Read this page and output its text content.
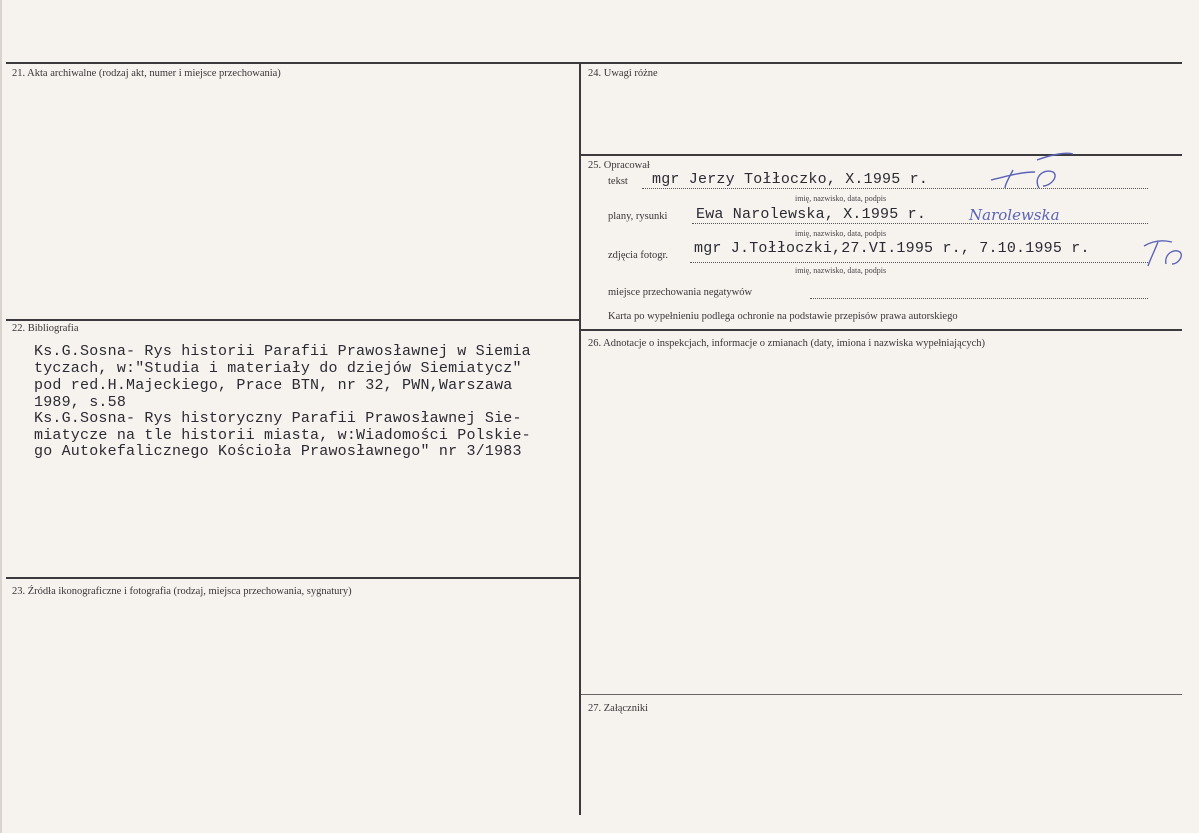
21. Akta archiwalne (rodzaj akt, numer i miejsce przechowania)
22. Bibliografia
Ks.G.Sosna- Rys historii Parafii Prawosławnej w Siemia
tyczach, w:"Studia i materiały do dziejów Siemiatycz"
pod red.H.Majeckiego, Prace BTN, nr 32, PWN,Warszawa
1989, s.58
Ks.G.Sosna- Rys historyczny Parafii Prawosławnej Sie-
miatycze na tle historii miasta, w:Wiadomości Polskie-
go Autokefalicznego Kościoła Prawosławnego" nr 3/1983
23. Źródła ikonograficzne i fotografia (rodzaj, miejsca przechowania, sygnatury)
24. Uwagi różne
25. Opracował
tekst mgr Jerzy Tołłoczko, X.1995 r.
imię, nazwisko, data, podpis
plany, rysunki Ewa Narolewska, X.1995 r.	Narolewska
imię, nazwisko, data, podpis
zdjęcia fotogr. mgr J.Tołłoczki,27.VI.1995 r., 7.10.1995 r.
imię, nazwisko, data, podpis
miejsce przechowania negatywów
Karta po wypełnieniu podlega ochronie na podstawie przepisów prawa autorskiego
26. Adnotacje o inspekcjach, informacje o zmianach (daty, imiona i nazwiska wypełniających)
27. Załączniki
